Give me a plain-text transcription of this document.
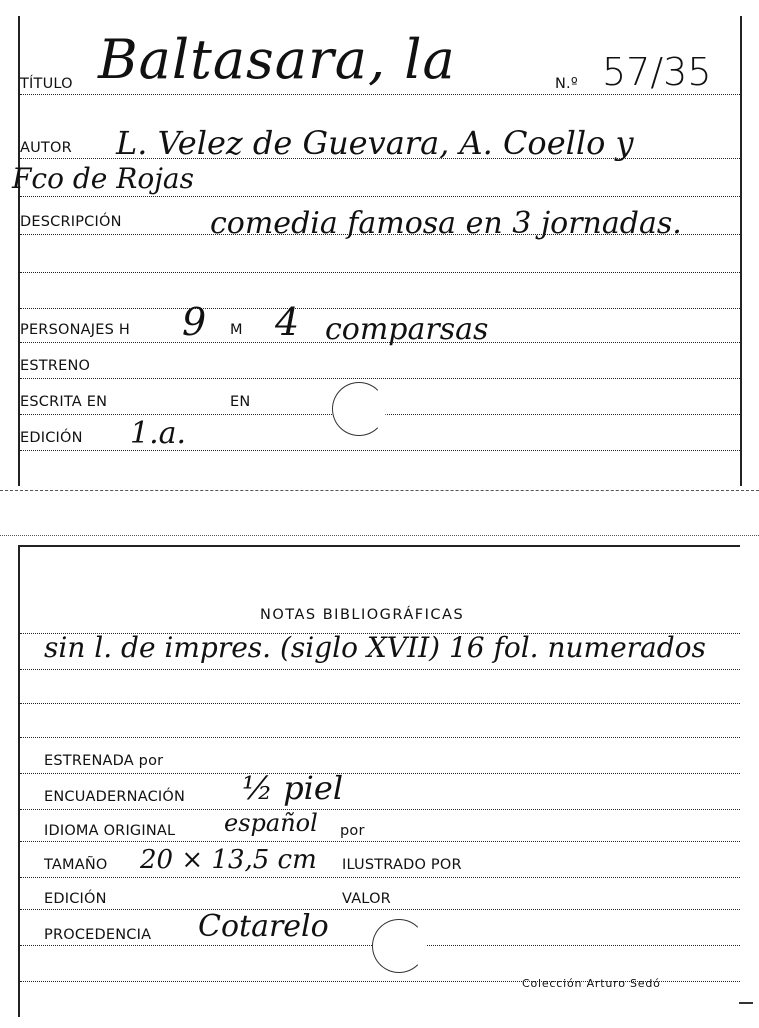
TÍTULO Baltasara, la	N.º 57/35
AUTOR L. Velez de Guevara, A. Coello y
Fco de Rojas
DESCRIPCIÓN	comedia famosa en 3 jornadas.
PERSONAJES H 9 M 4 comparsas
ESTRENO
ESCRITA EN	EN
EDICIÓN 1.a.
NOTAS BIBLIOGRÁFICAS
sin l. de impres. (siglo XVII) 16 fol. numerados
ESTRENADA por
ENCUADERNACIÓN ½ piel
IDIOMA ORIGINAL español por
TAMAÑO 20 × 13,5 cm ILUSTRADO POR
EDICIÓN	VALOR
PROCEDENCIA Cotarelo
Colección Arturo Sedó
